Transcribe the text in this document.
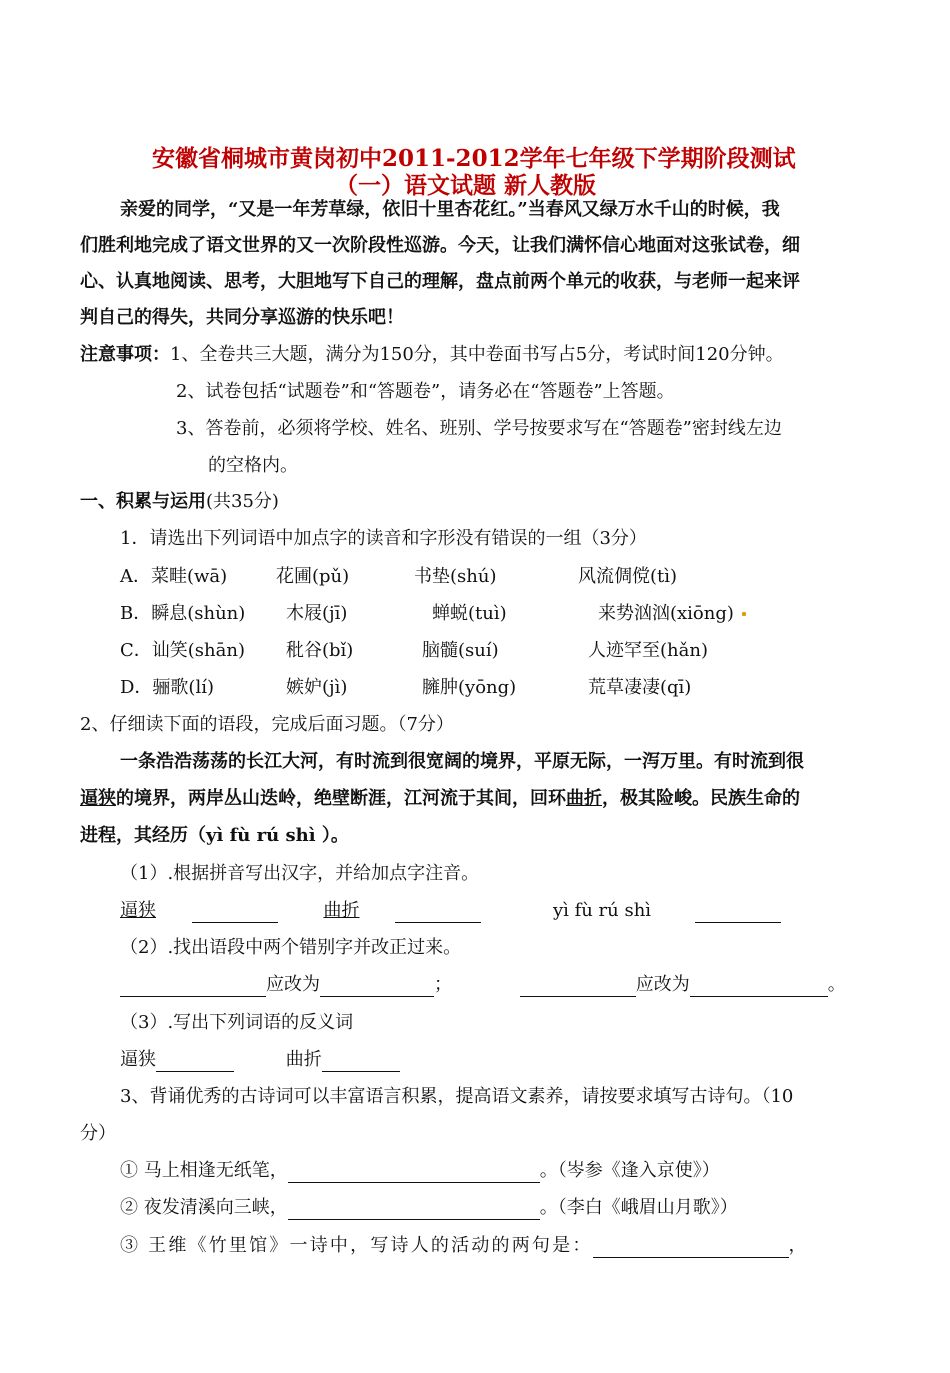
安徽省桐城市黄岗初中2011-2012学年七年级下学期阶段测试
（一）语文试题 新人教版
亲爱的同学，“又是一年芳草绿，依旧十里杏花红。”当春风又绿万水千山的时候，我
们胜利地完成了语文世界的又一次阶段性巡游。今天，让我们满怀信心地面对这张试卷，细
心、认真地阅读、思考，大胆地写下自己的理解，盘点前两个单元的收获，与老师一起来评
判自己的得失，共同分享巡游的快乐吧！
注意事项：1、全卷共三大题，满分为150分，其中卷面书写占5分，考试时间120分钟。
2、试卷包括“试题卷”和“答题卷”，请务必在“答题卷”上答题。
3、答卷前，必须将学校、姓名、班别、学号按要求写在“答题卷”密封线左边
的空格内。
一、积累与运用(共35分)
1．请选出下列词语中加点字的读音和字形没有错误的一组（3分）
A．菜畦(wā)	花圃(pǔ)	书垫(shú)	风流倜傥(tì)
B．瞬息(shùn) 木屐(jī)	蝉蜕(tuì)	来势汹汹(xiōng)
C．讪笑(shān) 秕谷(bǐ)	脑髓(suí)	人迹罕至(hǎn)
D．骊歌(lí)	嫉妒(jì)	臃肿(yōng)	荒草凄凄(qī)
2、仔细读下面的语段，完成后面习题。（7分）
一条浩浩荡荡的长江大河，有时流到很宽阔的境界，平原无际，一泻万里。有时流到很
逼狭的境界，两岸丛山迭岭，绝壁断涯，江河流于其间，回环曲折，极其险峻。民族生命的
进程，其经历（yì fù rú shì ）。
（1）.根据拼音写出汉字，并给加点字注音。
逼狭	曲折	yì fù rú shì
（2）.找出语段中两个错别字并改正过来。
应改为	；	应改为	。
（3）.写出下列词语的反义词
逼狭	曲折
3、背诵优秀的古诗词可以丰富语言积累，提高语文素养，请按要求填写古诗句。（10
分）
① 马上相逢无纸笔，	。（岑参《逢入京使》）
② 夜发清溪向三峡，	。（李白《峨眉山月歌》）
③ 王维《竹里馆》一诗中，写诗人的活动的两句是：	，
